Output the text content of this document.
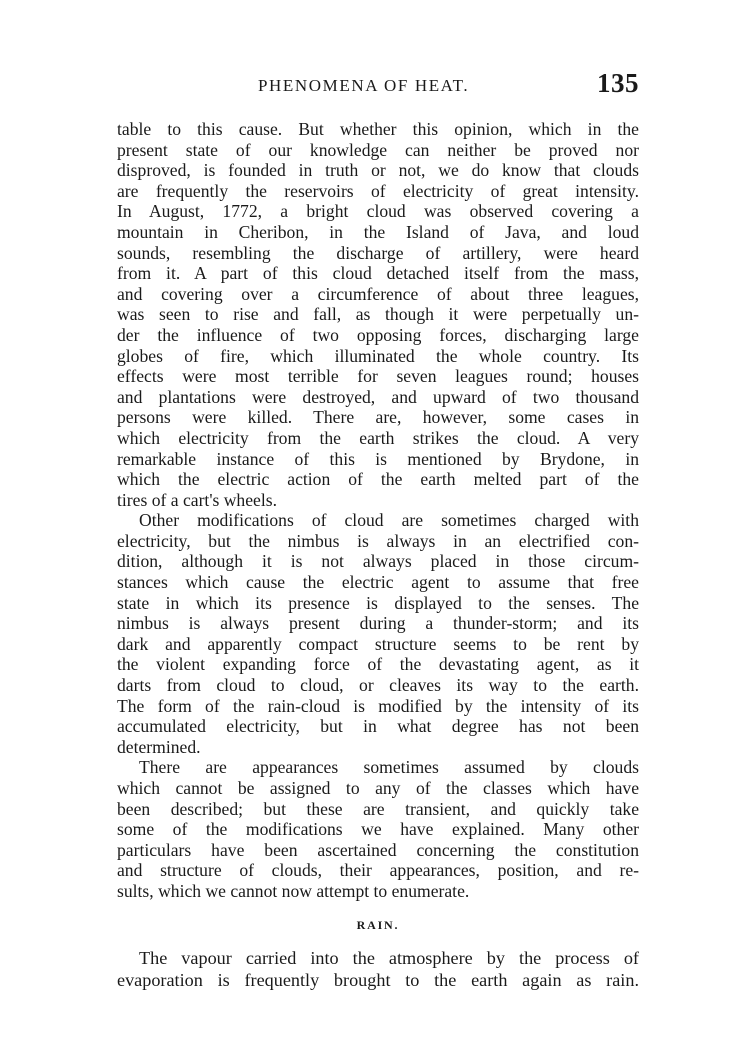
PHENOMENA OF HEAT.	135
table to this cause. But whether this opinion, which in the
present state of our knowledge can neither be proved nor
disproved, is founded in truth or not, we do know that clouds
are frequently the reservoirs of electricity of great intensity.
In August, 1772, a bright cloud was observed covering a
mountain in Cheribon, in the Island of Java, and loud
sounds, resembling the discharge of artillery, were heard
from it. A part of this cloud detached itself from the mass,
and covering over a circumference of about three leagues,
was seen to rise and fall, as though it were perpetually un-
der the influence of two opposing forces, discharging large
globes of fire, which illuminated the whole country. Its
effects were most terrible for seven leagues round; houses
and plantations were destroyed, and upward of two thousand
persons were killed. There are, however, some cases in
which electricity from the earth strikes the cloud. A very
remarkable instance of this is mentioned by Brydone, in
which the electric action of the earth melted part of the
tires of a cart's wheels.
Other modifications of cloud are sometimes charged with
electricity, but the nimbus is always in an electrified con-
dition, although it is not always placed in those circum-
stances which cause the electric agent to assume that free
state in which its presence is displayed to the senses. The
nimbus is always present during a thunder-storm; and its
dark and apparently compact structure seems to be rent by
the violent expanding force of the devastating agent, as it
darts from cloud to cloud, or cleaves its way to the earth.
The form of the rain-cloud is modified by the intensity of its
accumulated electricity, but in what degree has not been
determined.
There are appearances sometimes assumed by clouds
which cannot be assigned to any of the classes which have
been described; but these are transient, and quickly take
some of the modifications we have explained. Many other
particulars have been ascertained concerning the constitution
and structure of clouds, their appearances, position, and re-
sults, which we cannot now attempt to enumerate.
RAIN.
The vapour carried into the atmosphere by the process of
evaporation is frequently brought to the earth again as rain.
